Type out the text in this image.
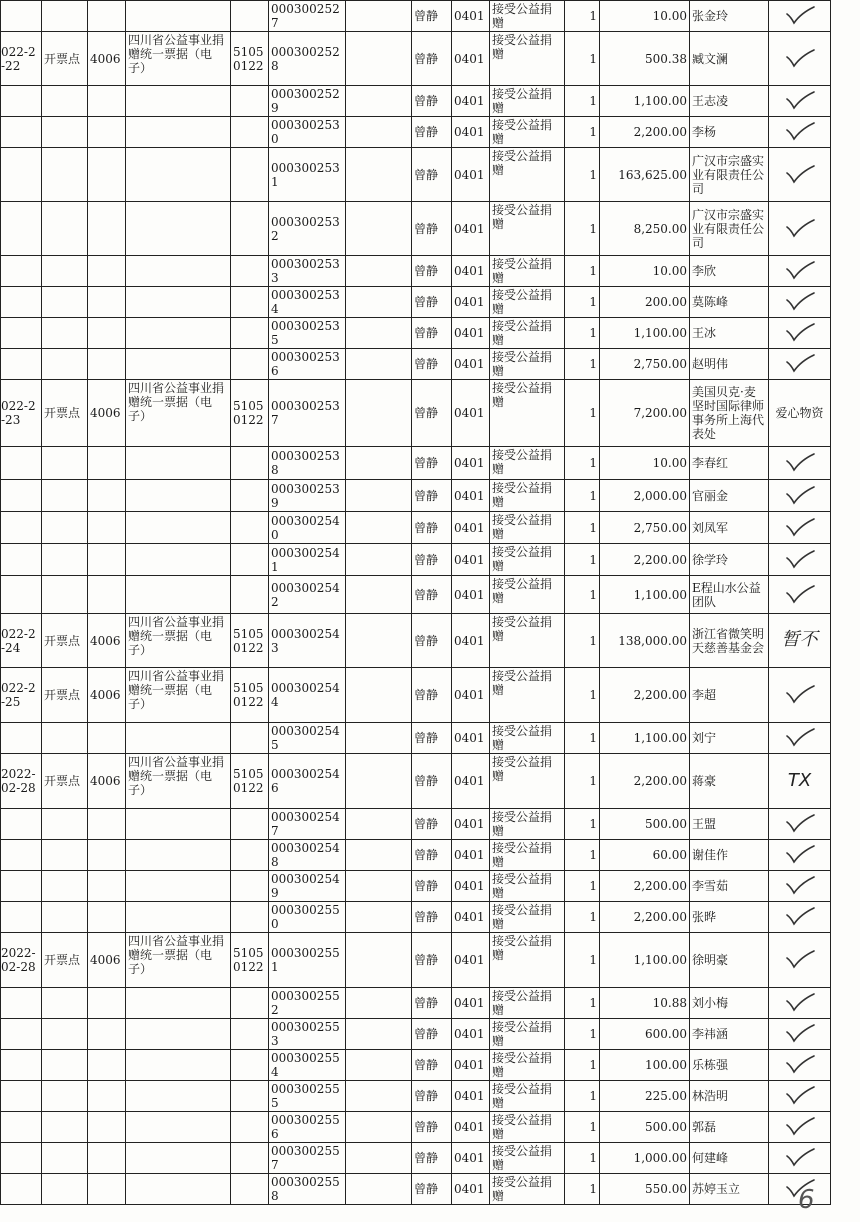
					0003002527		曾静	0401	接受公益捐赠	1	10.00	张金玲	

022-2-22	开票点	4006	四川省公益事业捐赠统一票据（电子）	51050122	0003002528		曾静	0401	接受公益捐赠	1	500.38	臧文澜	

					0003002529		曾静	0401	接受公益捐赠	1	1,100.00	王志凌	

					0003002530		曾静	0401	接受公益捐赠	1	2,200.00	李杨	

					0003002531		曾静	0401	接受公益捐赠	1	163,625.00	广汉市宗盛实业有限责任公司	

					0003002532		曾静	0401	接受公益捐赠	1	8,250.00	广汉市宗盛实业有限责任公司	

					0003002533		曾静	0401	接受公益捐赠	1	10.00	李欣	

					0003002534		曾静	0401	接受公益捐赠	1	200.00	莫陈峰	

					0003002535		曾静	0401	接受公益捐赠	1	1,100.00	王冰	

					0003002536		曾静	0401	接受公益捐赠	1	2,750.00	赵明伟	

022-2-23	开票点	4006	四川省公益事业捐赠统一票据（电子）	51050122	0003002537		曾静	0401	接受公益捐赠	1	7,200.00	美国贝克·麦坚时国际律师事务所上海代表处	爱心物资
					0003002538		曾静	0401	接受公益捐赠	1	10.00	李春红	

					0003002539		曾静	0401	接受公益捐赠	1	2,000.00	官丽金	

					0003002540		曾静	0401	接受公益捐赠	1	2,750.00	刘凤军	

					0003002541		曾静	0401	接受公益捐赠	1	2,200.00	徐学玲	

					0003002542		曾静	0401	接受公益捐赠	1	1,100.00	E程山水公益团队	

022-2-24	开票点	4006	四川省公益事业捐赠统一票据（电子）	51050122	0003002543		曾静	0401	接受公益捐赠	1	138,000.00	浙江省微笑明天慈善基金会	暂不
022-2-25	开票点	4006	四川省公益事业捐赠统一票据（电子）	51050122	0003002544		曾静	0401	接受公益捐赠	1	2,200.00	李超	

					0003002545		曾静	0401	接受公益捐赠	1	1,100.00	刘宁	

2022-02-28	开票点	4006	四川省公益事业捐赠统一票据（电子）	51050122	0003002546		曾静	0401	接受公益捐赠	1	2,200.00	蒋豪	TX
					0003002547		曾静	0401	接受公益捐赠	1	500.00	王盟	

					0003002548		曾静	0401	接受公益捐赠	1	60.00	谢佳作	

					0003002549		曾静	0401	接受公益捐赠	1	2,200.00	李雪茹	

					0003002550		曾静	0401	接受公益捐赠	1	2,200.00	张晔	

2022-02-28	开票点	4006	四川省公益事业捐赠统一票据（电子）	51050122	0003002551		曾静	0401	接受公益捐赠	1	1,100.00	徐明豪	

					0003002552		曾静	0401	接受公益捐赠	1	10.88	刘小梅	

					0003002553		曾静	0401	接受公益捐赠	1	600.00	李祎涵	

					0003002554		曾静	0401	接受公益捐赠	1	100.00	乐栋强	

					0003002555		曾静	0401	接受公益捐赠	1	225.00	林浩明	

					0003002556		曾静	0401	接受公益捐赠	1	500.00	郭磊	

					0003002557		曾静	0401	接受公益捐赠	1	1,000.00	何建峰	

					0003002558		曾静	0401	接受公益捐赠	1	550.00	苏婷玉立	6
